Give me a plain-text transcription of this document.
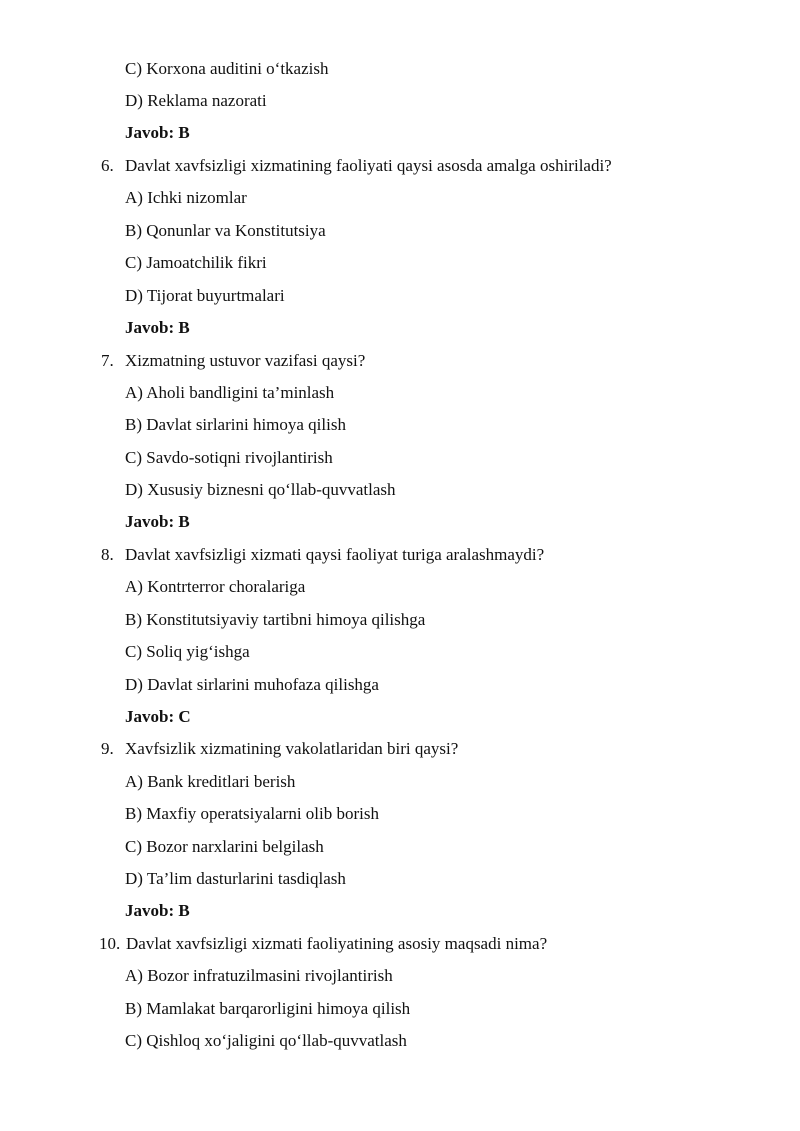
C) Korxona auditini o‘tkazish
D) Reklama nazorati
Javob: B
6. Davlat xavfsizligi xizmatining faoliyati qaysi asosda amalga oshiriladi?
A) Ichki nizomlar
B) Qonunlar va Konstitutsiya
C) Jamoatchilik fikri
D) Tijorat buyurtmalari
Javob: B
7. Xizmatning ustuvor vazifasi qaysi?
A) Aholi bandligini ta’minlash
B) Davlat sirlarini himoya qilish
C) Savdo-sotiqni rivojlantirish
D) Xususiy biznesni qo‘llab-quvvatlash
Javob: B
8. Davlat xavfsizligi xizmati qaysi faoliyat turiga aralashmaydi?
A) Kontrterror choralariga
B) Konstitutsiyaviy tartibni himoya qilishga
C) Soliq yig‘ishga
D) Davlat sirlarini muhofaza qilishga
Javob: C
9. Xavfsizlik xizmatining vakolatlaridan biri qaysi?
A) Bank kreditlari berish
B) Maxfiy operatsiyalarni olib borish
C) Bozor narxlarini belgilash
D) Ta’lim dasturlarini tasdiqlash
Javob: B
10. Davlat xavfsizligi xizmati faoliyatining asosiy maqsadi nima?
A) Bozor infratuzilmasini rivojlantirish
B) Mamlakat barqarorligini himoya qilish
C) Qishloq xo‘jaligini qo‘llab-quvvatlash
